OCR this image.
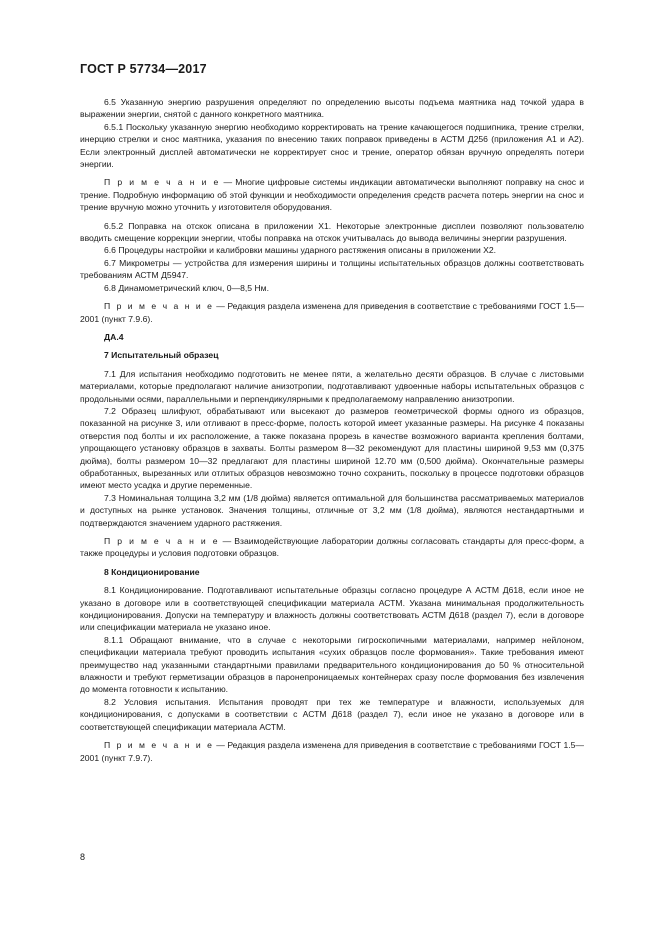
ГОСТ Р 57734—2017

6.5 Указанную энергию разрушения определяют по определению высоты подъема маятника над точкой удара в выражении энергии, снятой с данного конкретного маятника.

6.5.1 Поскольку указанную энергию необходимо корректировать на трение качающегося подшипника, трение стрелки, инерцию стрелки и снос маятника, указания по внесению таких поправок приведены в АСТМ Д256 (приложения А1 и А2). Если электронный дисплей автоматически не корректирует снос и трение, оператор обязан вручную определять потери энергии.

П р и м е ч а н и е — Многие цифровые системы индикации автоматически выполняют поправку на снос и трение. Подробную информацию об этой функции и необходимости определения средств расчета потерь энергии на снос и трение вручную можно уточнить у изготовителя оборудования.

6.5.2 Поправка на отскок описана в приложении Х1. Некоторые электронные дисплеи позволяют пользователю вводить смещение коррекции энергии, чтобы поправка на отскок учитывалась до вывода величины энергии разрушения.

6.6 Процедуры настройки и калибровки машины ударного растяжения описаны в приложении Х2.

6.7 Микрометры — устройства для измерения ширины и толщины испытательных образцов должны соответствовать требованиям АСТМ Д5947.

6.8 Динамометрический ключ, 0—8,5 Нм.

П р и м е ч а н и е — Редакция раздела изменена для приведения в соответствие с требованиями ГОСТ 1.5—2001 (пункт 7.9.6).

ДА.4

7 Испытательный образец

7.1 Для испытания необходимо подготовить не менее пяти, а желательно десяти образцов. В случае с листовыми материалами, которые предполагают наличие анизотропии, подготавливают удвоенные наборы испытательных образцов с продольными осями, параллельными и перпендикулярными к предполагаемому направлению анизотропии.

7.2 Образец шлифуют, обрабатывают или высекают до размеров геометрической формы одного из образцов, показанной на рисунке 3, или отливают в пресс-форме, полость которой имеет указанные размеры. На рисунке 4 показаны отверстия под болты и их расположение, а также показана прорезь в качестве возможного варианта крепления болтами, упрощающего установку образцов в захваты. Болты размером 8—32 рекомендуют для пластины шириной 9,53 мм (0,375 дюйма), болты размером 10—32 предлагают для пластины шириной 12.70 мм (0,500 дюйма). Окончательные размеры обработанных, вырезанных или отлитых образцов невозможно точно сохранить, поскольку в процессе подготовки образцов имеют место усадка и другие переменные.

7.3 Номинальная толщина 3,2 мм (1/8 дюйма) является оптимальной для большинства рассматриваемых материалов и доступных на рынке установок. Значения толщины, отличные от 3,2 мм (1/8 дюйма), являются нестандартными и подтверждаются значением ударного растяжения.

П р и м е ч а н и е — Взаимодействующие лаборатории должны согласовать стандарты для пресс-форм, а также процедуры и условия подготовки образцов.

8 Кондиционирование

8.1 Кондиционирование. Подготавливают испытательные образцы согласно процедуре А АСТМ Д618, если иное не указано в договоре или в соответствующей спецификации материала АСТМ. Указана минимальная продолжительность кондиционирования. Допуски на температуру и влажность должны соответствовать АСТМ Д618 (раздел 7), если в договоре или спецификации материала не указано иное.

8.1.1 Обращают внимание, что в случае с некоторыми гигроскопичными материалами, например нейлоном, спецификации материала требуют проводить испытания «сухих образцов после формования». Такие требования имеют преимущество над указанными стандартными правилами предварительного кондиционирования до 50 % относительной влажности и требуют герметизации образцов в паронепроницаемых контейнерах сразу после формования без извлечения до момента готовности к испытанию.

8.2 Условия испытания. Испытания проводят при тех же температуре и влажности, используемых для кондиционирования, с допусками в соответствии с АСТМ Д618 (раздел 7), если иное не указано в договоре или в соответствующей спецификации материала АСТМ.

П р и м е ч а н и е — Редакция раздела изменена для приведения в соответствие с требованиями ГОСТ 1.5—2001 (пункт 7.9.7).

8
